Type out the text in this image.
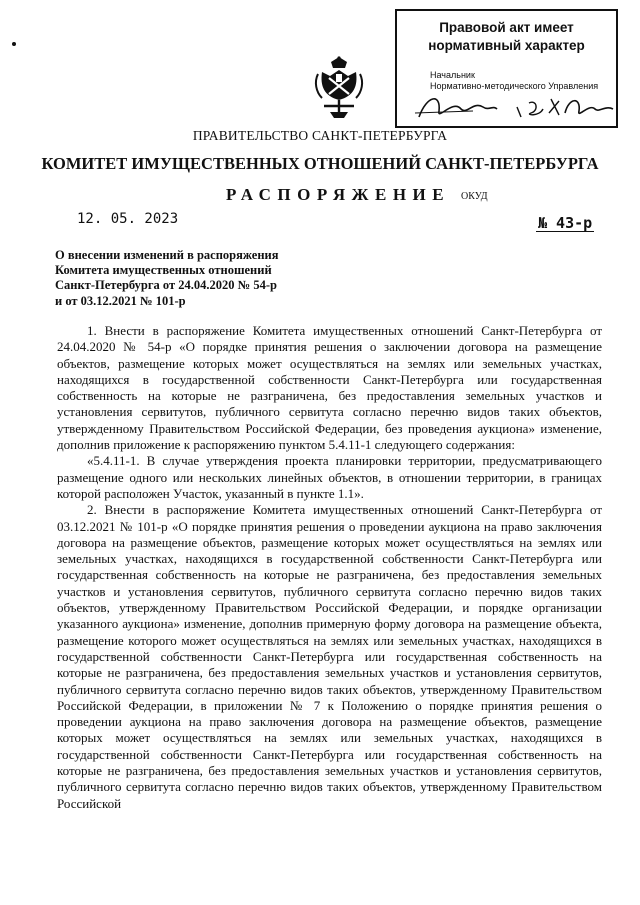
Правовой акт имеет
нормативный характер
Начальник
Нормативно-методического Управления
ПРАВИТЕЛЬСТВО САНКТ-ПЕТЕРБУРГА
КОМИТЕТ ИМУЩЕСТВЕННЫХ ОТНОШЕНИЙ САНКТ-ПЕТЕРБУРГА
РАСПОРЯЖЕНИЕ ОКУД
12. 05. 2023	№ 43-р
О внесении изменений в распоряжения
Комитета имущественных отношений
Санкт-Петербурга от 24.04.2020 № 54-р
и от 03.12.2021 № 101-р

1. Внести в распоряжение Комитета имущественных отношений Санкт-Петербурга от 24.04.2020 № 54-р «О порядке принятия решения о заключении договора на размещение объектов, размещение которых может осуществляться на землях или земельных участках, находящихся в государственной собственности Санкт-Петербурга или государственная собственность на которые не разграничена, без предоставления земельных участков и установления сервитутов, публичного сервитута согласно перечню видов таких объектов, утвержденному Правительством Российской Федерации, без проведения аукциона» изменение, дополнив приложение к распоряжению пунктом 5.4.11-1 следующего содержания:

«5.4.11-1. В случае утверждения проекта планировки территории, предусматривающего размещение одного или нескольких линейных объектов, в отношении территории, в границах которой расположен Участок, указанный в пункте 1.1».

2. Внести в распоряжение Комитета имущественных отношений Санкт-Петербурга от 03.12.2021 № 101-р «О порядке принятия решения о проведении аукциона на право заключения договора на размещение объектов, размещение которых может осуществляться на землях или земельных участках, находящихся в государственной собственности Санкт-Петербурга или государственная собственность на которые не разграничена, без предоставления земельных участков и установления сервитутов, публичного сервитута согласно перечню видов таких объектов, утвержденному Правительством Российской Федерации, и порядке организации указанного аукциона» изменение, дополнив примерную форму договора на размещение объекта, размещение которого может осуществляться на землях или земельных участках, находящихся в государственной собственности Санкт-Петербурга или государственная собственность на которые не разграничена, без предоставления земельных участков и установления сервитутов, публичного сервитута согласно перечню видов таких объектов, утвержденному Правительством Российской Федерации, в приложении № 7 к Положению о порядке принятия решения о проведении аукциона на право заключения договора на размещение объектов, размещение которых может осуществляться на землях или земельных участках, находящихся в государственной собственности Санкт-Петербурга или государственная собственность на которые не разграничена, без предоставления земельных участков и установления сервитутов, публичного сервитута согласно перечню видов таких объектов, утвержденному Правительством Российской
